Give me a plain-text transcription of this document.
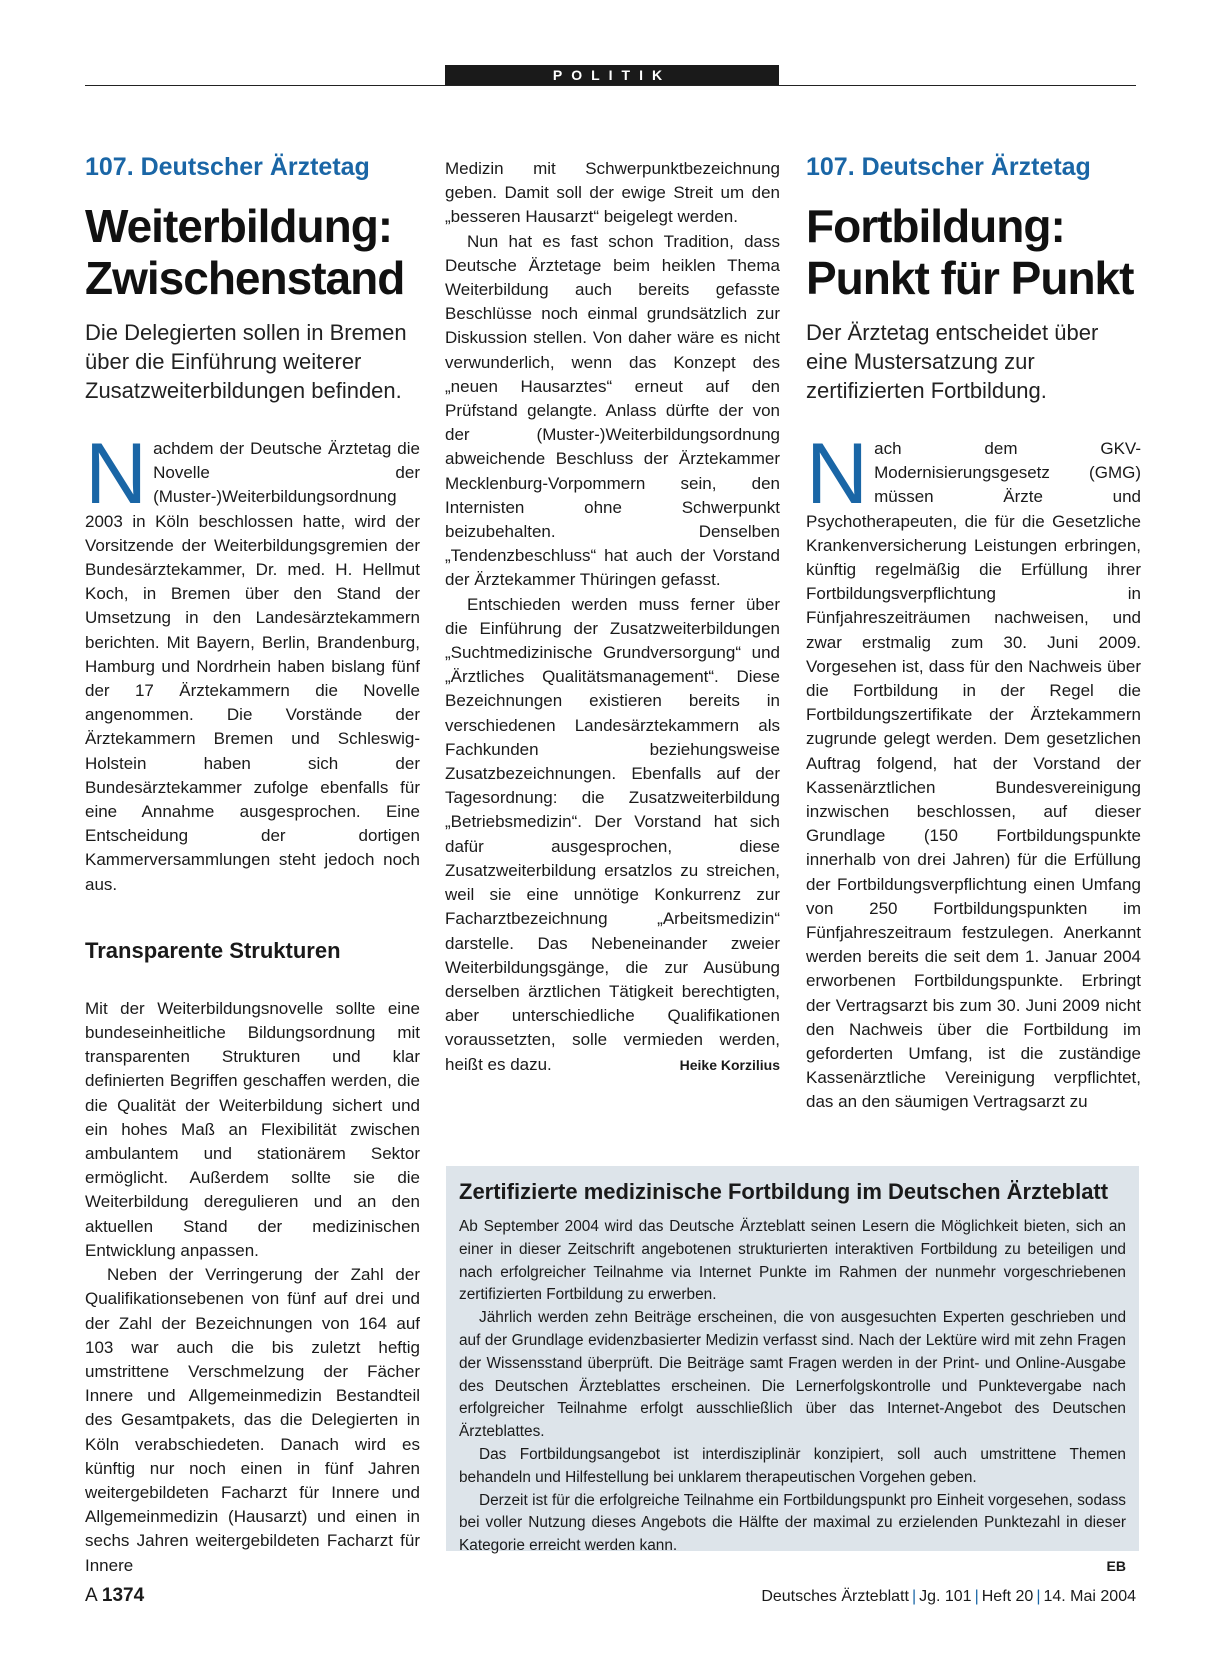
POLITIK
107. Deutscher Ärztetag
Weiterbildung:
Zwischenstand
Die Delegierten sollen in Bremen über die Einführung weiterer Zusatzweiterbildungen befinden.

Nachdem der Deutsche Ärztetag die Novelle der (Muster-)Weiterbildungsordnung 2003 in Köln beschlossen hatte, wird der Vorsitzende der Weiterbildungsgremien der Bundesärztekammer, Dr. med. H. Hellmut Koch, in Bremen über den Stand der Umsetzung in den Landesärztekammern berichten. Mit Bayern, Berlin, Brandenburg, Hamburg und Nordrhein haben bislang fünf der 17 Ärztekammern die Novelle angenommen. Die Vorstände der Ärztekammern Bremen und Schleswig-Holstein haben sich der Bundesärztekammer zufolge ebenfalls für eine Annahme ausgesprochen. Eine Entscheidung der dortigen Kammerversammlungen steht jedoch noch aus.

Transparente Strukturen

Mit der Weiterbildungsnovelle sollte eine bundeseinheitliche Bildungsordnung mit transparenten Strukturen und klar definierten Begriffen geschaffen werden, die die Qualität der Weiterbildung sichert und ein hohes Maß an Flexibilität zwischen ambulantem und stationärem Sektor ermöglicht. Außerdem sollte sie die Weiterbildung deregulieren und an den aktuellen Stand der medizinischen Entwicklung anpassen.

Neben der Verringerung der Zahl der Qualifikationsebenen von fünf auf drei und der Zahl der Bezeichnungen von 164 auf 103 war auch die bis zuletzt heftig umstrittene Verschmelzung der Fächer Innere und Allgemeinmedizin Bestandteil des Gesamtpakets, das die Delegierten in Köln verabschiedeten. Danach wird es künftig nur noch einen in fünf Jahren weitergebildeten Facharzt für Innere und Allgemeinmedizin (Hausarzt) und einen in sechs Jahren weitergebildeten Facharzt für Innere

Medizin mit Schwerpunktbezeichnung geben. Damit soll der ewige Streit um den „besseren Hausarzt“ beigelegt werden.

Nun hat es fast schon Tradition, dass Deutsche Ärztetage beim heiklen Thema Weiterbildung auch bereits gefasste Beschlüsse noch einmal grundsätzlich zur Diskussion stellen. Von daher wäre es nicht verwunderlich, wenn das Konzept des „neuen Hausarztes“ erneut auf den Prüfstand gelangte. Anlass dürfte der von der (Muster-)Weiterbildungsordnung abweichende Beschluss der Ärztekammer Mecklenburg-Vorpommern sein, den Internisten ohne Schwerpunkt beizubehalten. Denselben „Tendenzbeschluss“ hat auch der Vorstand der Ärztekammer Thüringen gefasst.

Entschieden werden muss ferner über die Einführung der Zusatzweiterbildungen „Suchtmedizinische Grundversorgung“ und „Ärztliches Qualitätsmanagement“. Diese Bezeichnungen existieren bereits in verschiedenen Landesärztekammern als Fachkunden beziehungsweise Zusatzbezeichnungen. Ebenfalls auf der Tagesordnung: die Zusatzweiterbildung „Betriebsmedizin“. Der Vorstand hat sich dafür ausgesprochen, diese Zusatzweiterbildung ersatzlos zu streichen, weil sie eine unnötige Konkurrenz zur Facharztbezeichnung „Arbeitsmedizin“ darstelle. Das Nebeneinander zweier Weiterbildungsgänge, die zur Ausübung derselben ärztlichen Tätigkeit berechtigten, aber unterschiedliche Qualifikationen voraussetzten, solle vermieden werden, heißt es dazu.	Heike Korzilius

107. Deutscher Ärztetag
Fortbildung:
Punkt für Punkt
Der Ärztetag entscheidet über eine Mustersatzung zur zertifizierten Fortbildung.

Nach dem GKV-Modernisierungsgesetz (GMG) müssen Ärzte und Psychotherapeuten, die für die Gesetzliche Krankenversicherung Leistungen erbringen, künftig regelmäßig die Erfüllung ihrer Fortbildungsverpflichtung in Fünfjahreszeiträumen nachweisen, und zwar erstmalig zum 30. Juni 2009. Vorgesehen ist, dass für den Nachweis über die Fortbildung in der Regel die Fortbildungszertifikate der Ärztekammern zugrunde gelegt werden. Dem gesetzlichen Auftrag folgend, hat der Vorstand der Kassenärztlichen Bundesvereinigung inzwischen beschlossen, auf dieser Grundlage (150 Fortbildungspunkte innerhalb von drei Jahren) für die Erfüllung der Fortbildungsverpflichtung einen Umfang von 250 Fortbildungspunkten im Fünfjahreszeitraum festzulegen. Anerkannt werden bereits die seit dem 1. Januar 2004 erworbenen Fortbildungspunkte. Erbringt der Vertragsarzt bis zum 30. Juni 2009 nicht den Nachweis über die Fortbildung im geforderten Umfang, ist die zuständige Kassenärztliche Vereinigung verpflichtet, das an den säumigen Vertragsarzt zu

Zertifizierte medizinische Fortbildung im Deutschen Ärzteblatt

Ab September 2004 wird das Deutsche Ärzteblatt seinen Lesern die Möglichkeit bieten, sich an einer in dieser Zeitschrift angebotenen strukturierten interaktiven Fortbildung zu beteiligen und nach erfolgreicher Teilnahme via Internet Punkte im Rahmen der nunmehr vorgeschriebenen zertifizierten Fortbildung zu erwerben.

Jährlich werden zehn Beiträge erscheinen, die von ausgesuchten Experten geschrieben und auf der Grundlage evidenzbasierter Medizin verfasst sind. Nach der Lektüre wird mit zehn Fragen der Wissensstand überprüft. Die Beiträge samt Fragen werden in der Print- und Online-Ausgabe des Deutschen Ärzteblattes erscheinen. Die Lernerfolgskontrolle und Punktevergabe nach erfolgreicher Teilnahme erfolgt ausschließlich über das Internet-Angebot des Deutschen Ärzteblattes.

Das Fortbildungsangebot ist interdisziplinär konzipiert, soll auch umstrittene Themen behandeln und Hilfestellung bei unklarem therapeutischen Vorgehen geben.

Derzeit ist für die erfolgreiche Teilnahme ein Fortbildungspunkt pro Einheit vorgesehen, sodass bei voller Nutzung dieses Angebots die Hälfte der maximal zu erzielenden Punktezahl in dieser Kategorie erreicht werden kann.

EB
A 1374	Deutsches Ärzteblatt | Jg. 101 | Heft 20 | 14. Mai 2004
